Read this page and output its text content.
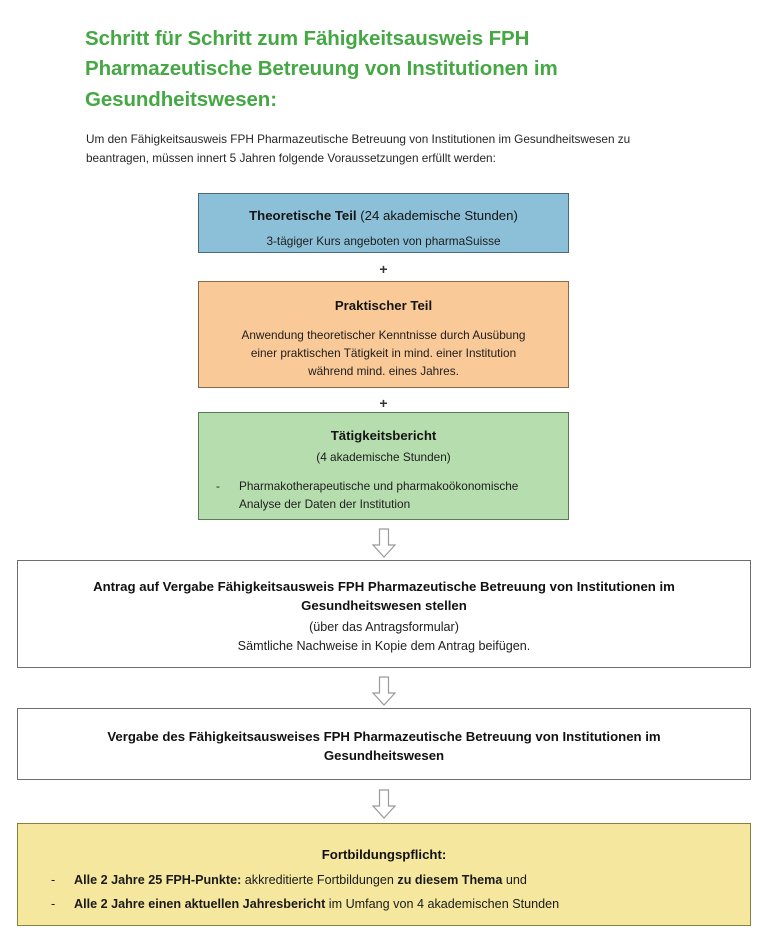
Schritt für Schritt zum Fähigkeitsausweis FPH Pharmazeutische Betreuung von Institutionen im Gesundheitswesen:
Um den Fähigkeitsausweis FPH Pharmazeutische Betreuung von Institutionen im Gesundheitswesen zu beantragen, müssen innert 5 Jahren folgende Voraussetzungen erfüllt werden:
Theoretische Teil (24 akademische Stunden)
3-tägiger Kurs angeboten von pharmaSuisse
+
Praktischer Teil
Anwendung theoretischer Kenntnisse durch Ausübung
einer praktischen Tätigkeit in mind. einer Institution
während mind. eines Jahres.
+
Tätigkeitsbericht
(4 akademische Stunden)
-	Pharmakotherapeutische und pharmakoökonomische
Analyse der Daten der Institution
Antrag auf Vergabe Fähigkeitsausweis FPH Pharmazeutische Betreuung von Institutionen im
Gesundheitswesen stellen
(über das Antragsformular)
Sämtliche Nachweise in Kopie dem Antrag beifügen.
Vergabe des Fähigkeitsausweises FPH Pharmazeutische Betreuung von Institutionen im
Gesundheitswesen
Fortbildungspflicht:
-	Alle 2 Jahre 25 FPH-Punkte: akkreditierte Fortbildungen zu diesem Thema und
-	Alle 2 Jahre einen aktuellen Jahresbericht im Umfang von 4 akademischen Stunden
